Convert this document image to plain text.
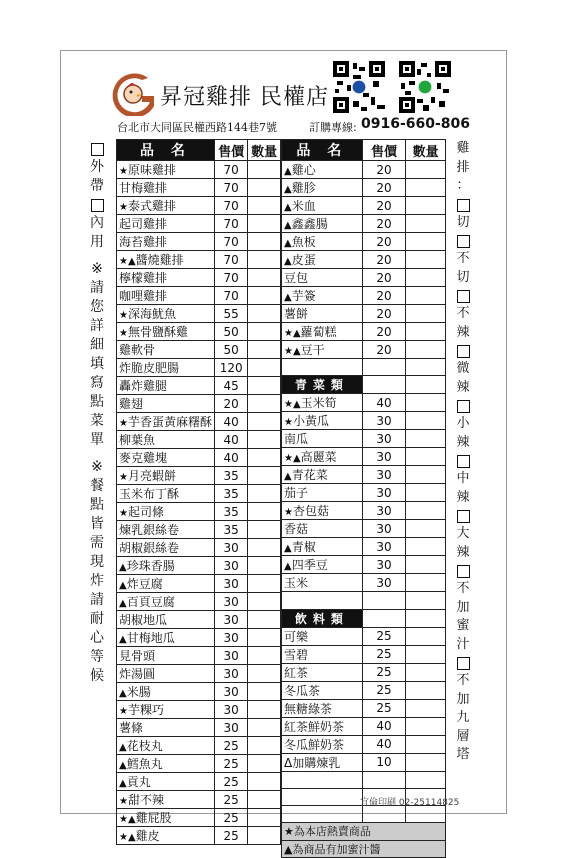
昇冠雞排 民權店
台北市大同區民權西路144巷7號	訂購專線: 0916-660-806
外
帶
內
用
※
請
您
詳
細
填
寫
點
菜
單
※
餐
點
皆
需
現
炸
請
耐
心
等
候
雞
排
：
切
不
切
不
辣
微
辣
小
辣
中
辣
大
辣
不
加
蜜
汁
不
加
九
層
塔
品 名	售價	數量
★原味雞排	70	
甘梅雞排	70	
★泰式雞排	70	
起司雞排	70	
海苔雞排	70	
★▲醬燒雞排	70	
檸檬雞排	70	
咖哩雞排	70	
★深海魷魚	55	
★無骨鹽酥雞	50	
雞軟骨	50	
炸脆皮肥腸	120	
轟炸雞腿	45	
雞翅	20	
★芋香蛋黃麻糬酥	40	
柳葉魚	40	
麥克雞塊	40	
★月亮蝦餅	35	
玉米布丁酥	35	
★起司條	35	
煉乳銀絲卷	35	
胡椒銀絲卷	30	
▲珍珠香腸	30	
▲炸豆腐	30	
▲百頁豆腐	30	
胡椒地瓜	30	
▲甘梅地瓜	30	
見骨頭	30	
炸湯圓	30	
▲米腸	30	
★芋粿巧	30	
薯條	30	
▲花枝丸	25	
▲鱈魚丸	25	
▲貢丸	25	
★甜不辣	25	
★▲雞屁股	25	
★▲雞皮	25	
品 名	售價	數量
▲雞心	20	
▲雞胗	20	
▲米血	20	
▲鑫鑫腸	20	
▲魚板	20	
▲皮蛋	20	
豆包	20	
▲芋簽	20	
薯餅	20	
★▲蘿蔔糕	20	
★▲豆干	20	

青菜類		
★▲玉米筍	40	
★小黃瓜	30	
南瓜	30	
★▲高麗菜	30	
▲青花菜	30	
茄子	30	
★杏包菇	30	
香菇	30	
▲青椒	30	
▲四季豆	30	
玉米	30	

飲料類		
可樂	25	
雪碧	25	
紅茶	25	
冬瓜茶	25	
無糖綠茶	25	
紅茶鮮奶茶	40	
冬瓜鮮奶茶	40	
Δ加購煉乳	10	

★為本店熱賣商品		
▲為商品有加蜜汁醬		
宜倫印刷 02-25114825
